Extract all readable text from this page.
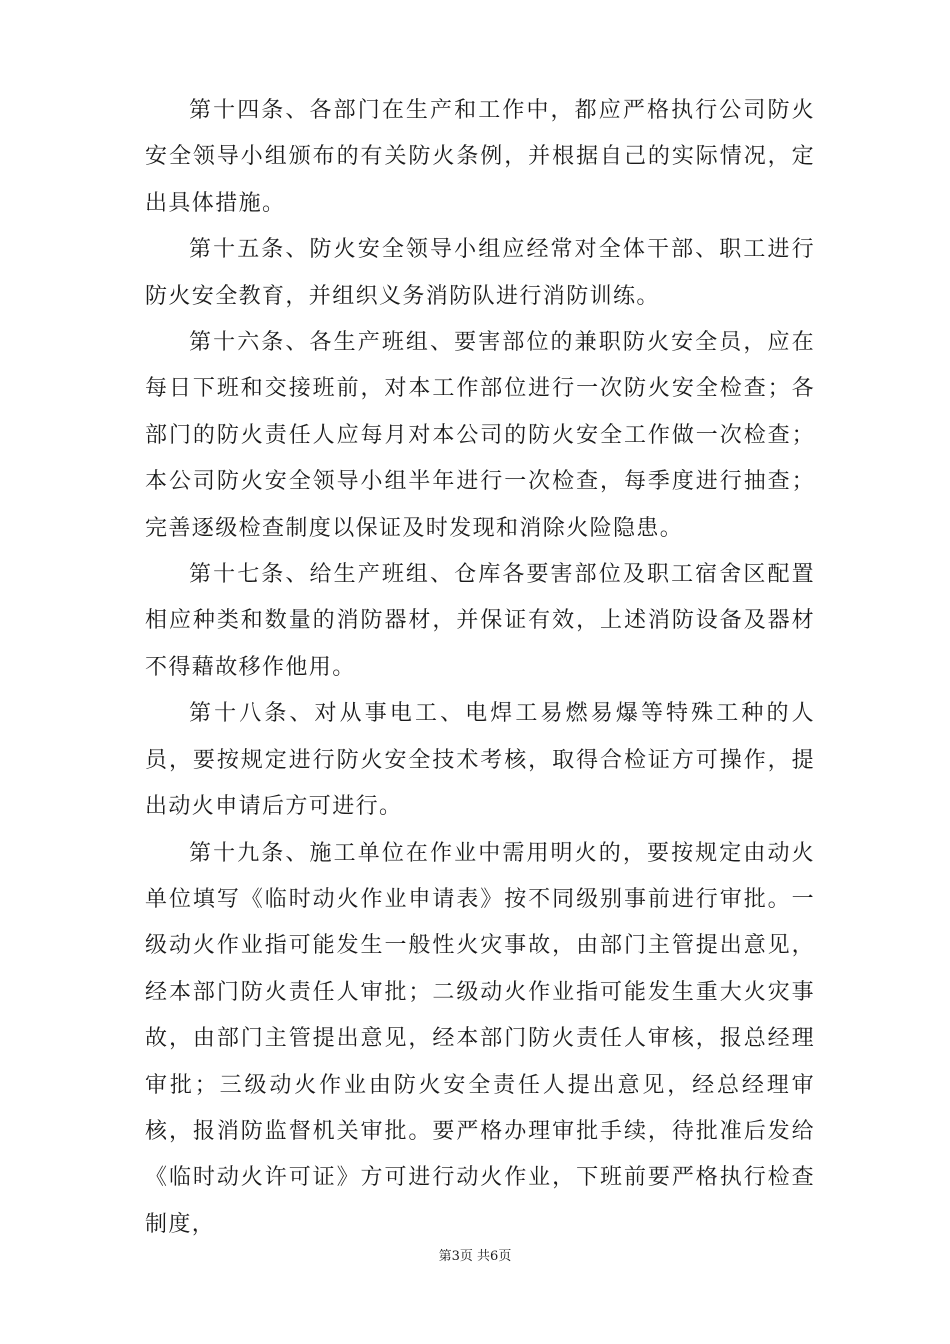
第十四条、各部门在生产和工作中，都应严格执行公司防火安全领导小组颁布的有关防火条例，并根据自己的实际情况，定出具体措施。

第十五条、防火安全领导小组应经常对全体干部、职工进行防火安全教育，并组织义务消防队进行消防训练。

第十六条、各生产班组、要害部位的兼职防火安全员，应在每日下班和交接班前，对本工作部位进行一次防火安全检查；各部门的防火责任人应每月对本公司的防火安全工作做一次检查；本公司防火安全领导小组半年进行一次检查，每季度进行抽查；完善逐级检查制度以保证及时发现和消除火险隐患。

第十七条、给生产班组、仓库各要害部位及职工宿舍区配置相应种类和数量的消防器材，并保证有效，上述消防设备及器材不得藉故移作他用。

第十八条、对从事电工、电焊工易燃易爆等特殊工种的人员，要按规定进行防火安全技术考核，取得合检证方可操作，提出动火申请后方可进行。

第十九条、施工单位在作业中需用明火的，要按规定由动火单位填写《临时动火作业申请表》按不同级别事前进行审批。一级动火作业指可能发生一般性火灾事故，由部门主管提出意见，经本部门防火责任人审批；二级动火作业指可能发生重大火灾事故，由部门主管提出意见，经本部门防火责任人审核，报总经理审批；三级动火作业由防火安全责任人提出意见，经总经理审核，报消防监督机关审批。要严格办理审批手续，待批准后发给《临时动火许可证》方可进行动火作业，下班前要严格执行检查制度，

第3页 共6页
